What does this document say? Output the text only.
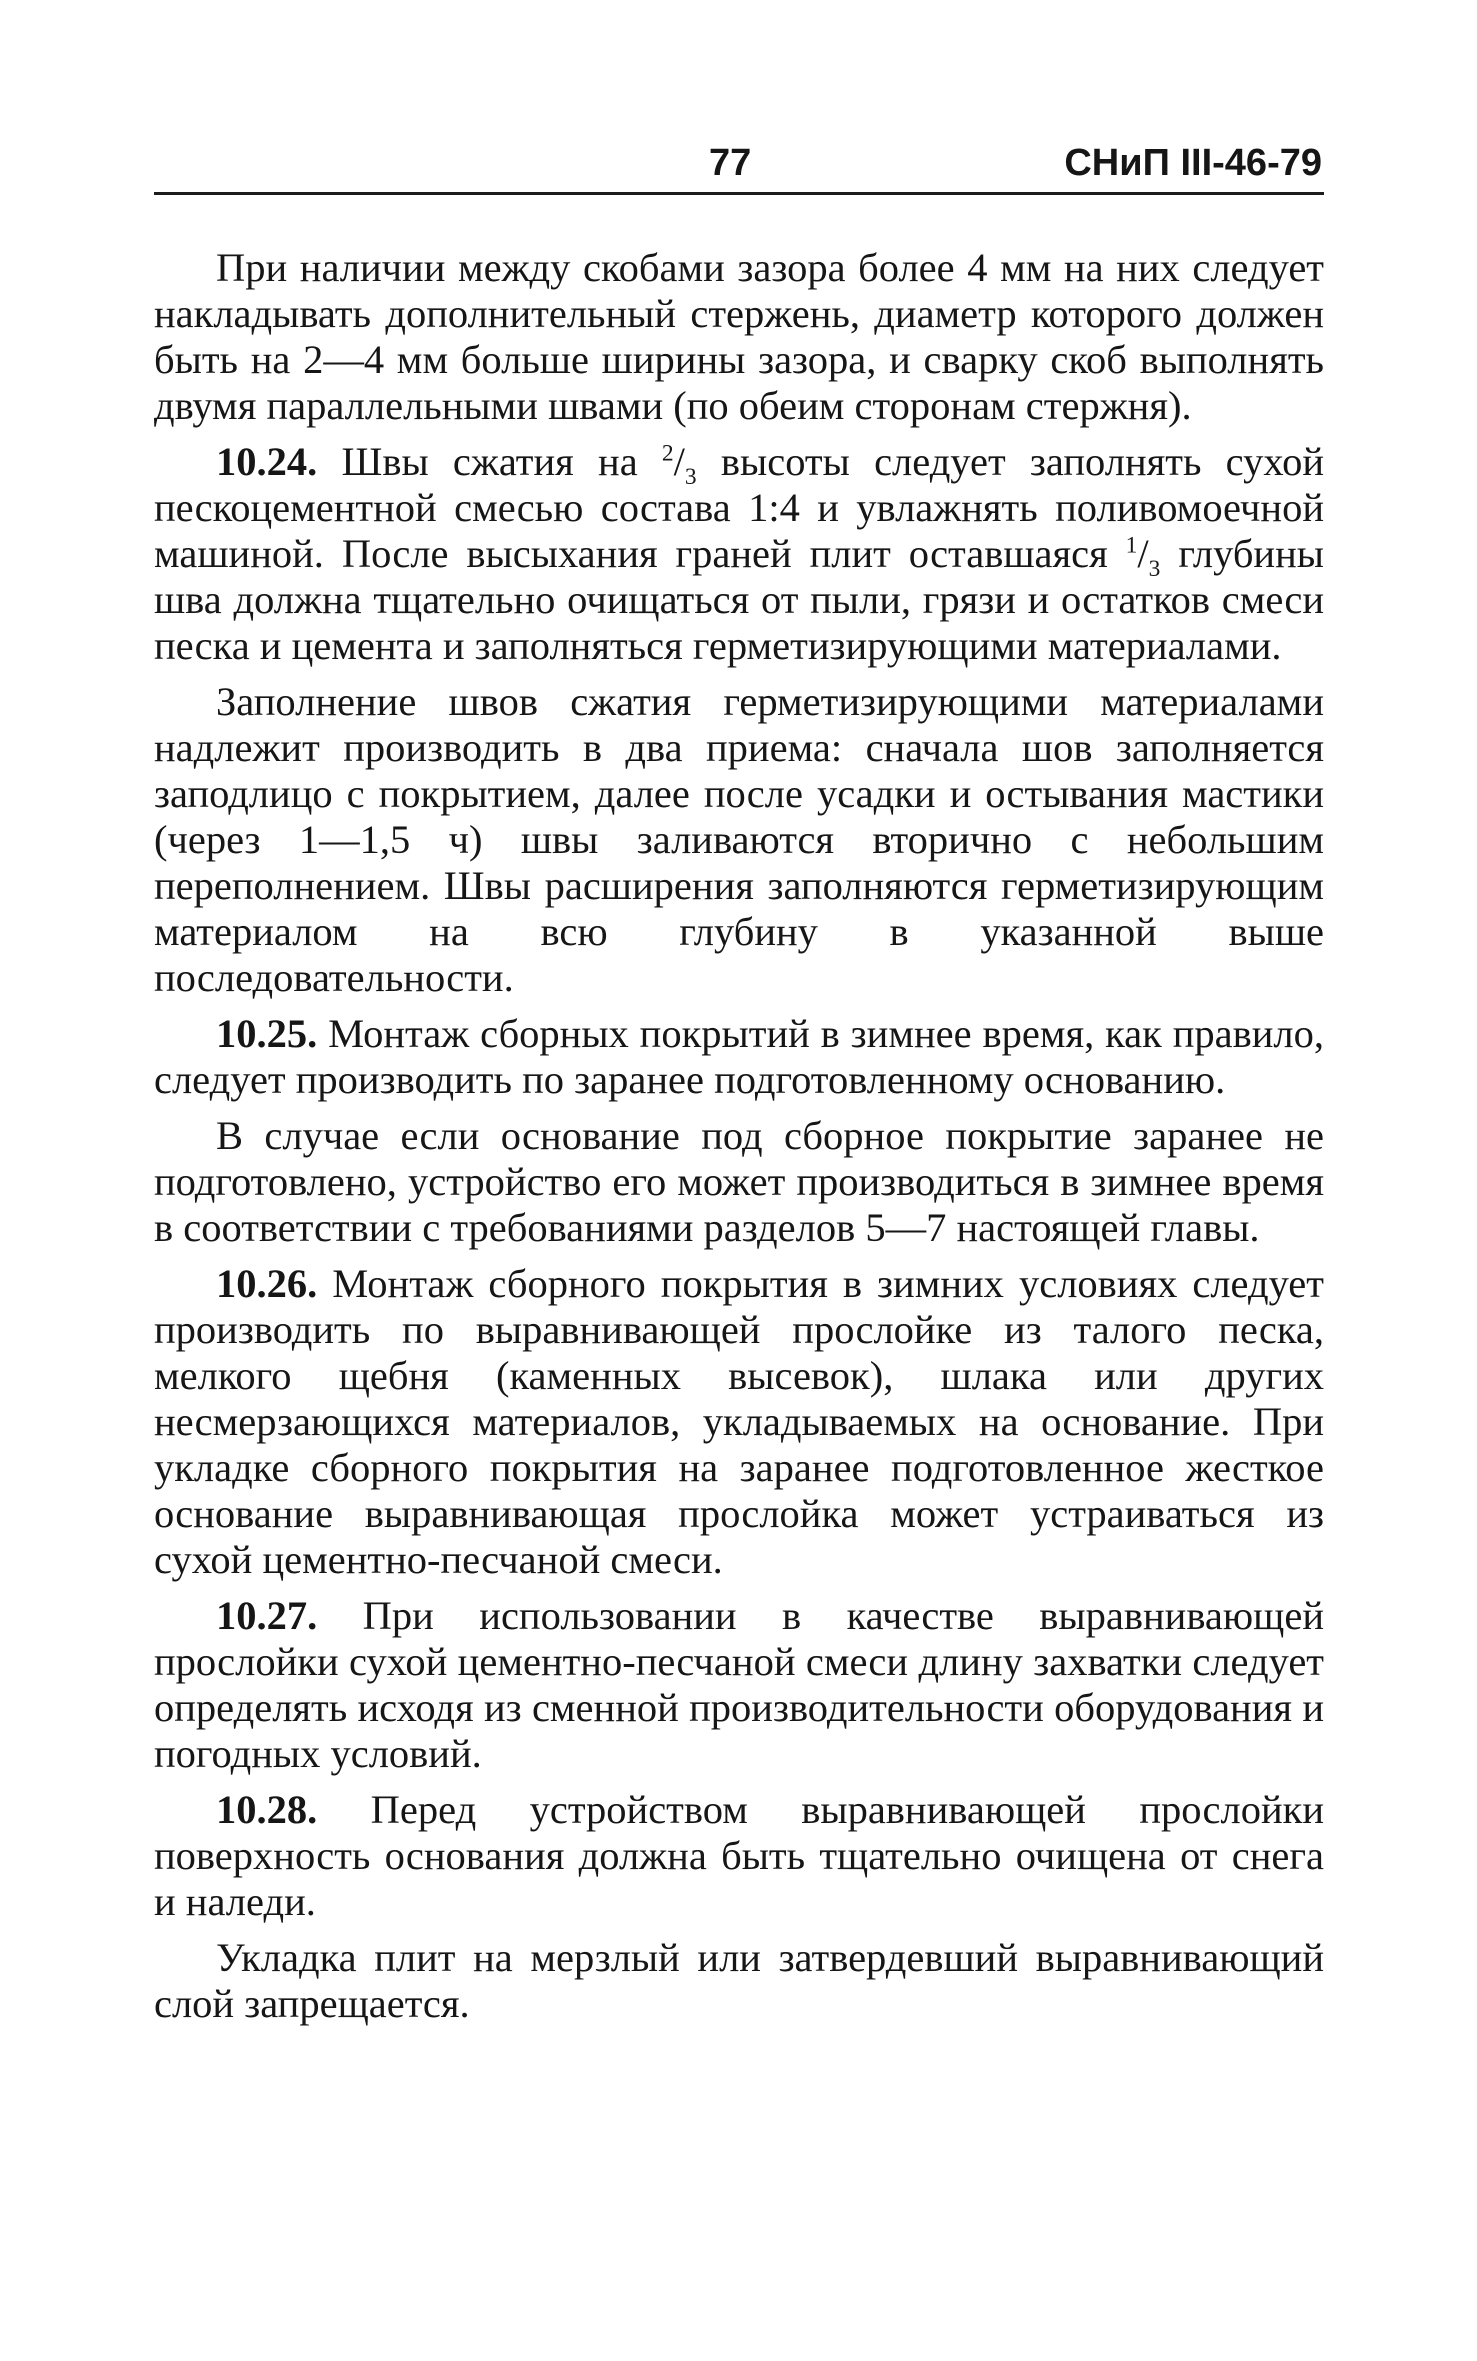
77	СНиП III-46-79

При наличии между скобами зазора более 4 мм на них следует накладывать дополнительный стержень, диаметр которого должен быть на 2—4 мм больше ширины зазора, и сварку скоб выполнять двумя параллельными швами (по обеим сторонам стержня).

10.24. Швы сжатия на $^2/_3$ высоты следует заполнять сухой пескоцементной смесью состава 1:4 и увлажнять поливомоечной машиной. После высыхания граней плит оставшаяся $^1/_3$ глубины шва должна тщательно очищаться от пыли, грязи и остатков смеси песка и цемента и заполняться герметизирующими материалами.

Заполнение швов сжатия герметизирующими материалами надлежит производить в два приема: сначала шов заполняется заподлицо с покрытием, далее после усадки и остывания мастики (через 1—1,5 ч) швы заливаются вторично с небольшим переполнением. Швы расширения заполняются герметизирующим материалом на всю глубину в указанной выше последовательности.

10.25. Монтаж сборных покрытий в зимнее время, как правило, следует производить по заранее подготовленному основанию.

В случае если основание под сборное покрытие заранее не подготовлено, устройство его может производиться в зимнее время в соответствии с требованиями разделов 5—7 настоящей главы.

10.26. Монтаж сборного покрытия в зимних условиях следует производить по выравнивающей прослойке из талого песка, мелкого щебня (каменных высевок), шлака или других несмерзающихся материалов, укладываемых на основание. При укладке сборного покрытия на заранее подготовленное жесткое основание выравнивающая прослойка может устраиваться из сухой цементно-песчаной смеси.

10.27. При использовании в качестве выравнивающей прослойки сухой цементно-песчаной смеси длину захватки следует определять исходя из сменной производительности оборудования и погодных условий.

10.28. Перед устройством выравнивающей прослойки поверхность основания должна быть тщательно очищена от снега и наледи.

Укладка плит на мерзлый или затвердевший выравнивающий слой запрещается.
